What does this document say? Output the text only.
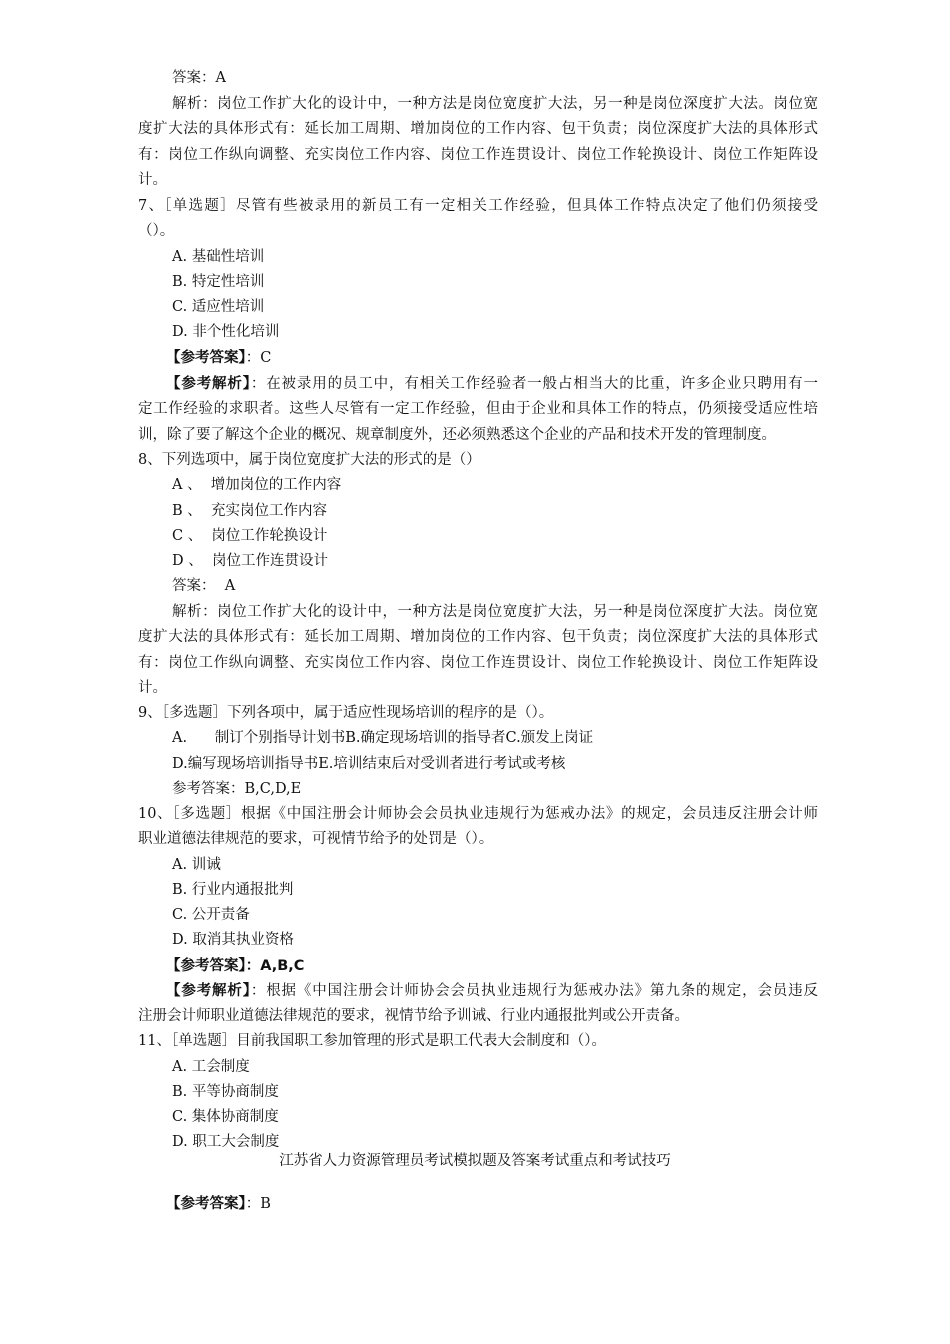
答案：A
解析：岗位工作扩大化的设计中，一种方法是岗位宽度扩大法，另一种是岗位深度扩大法。岗位宽
度扩大法的具体形式有：延长加工周期、增加岗位的工作内容、包干负责；岗位深度扩大法的具体形式
有：岗位工作纵向调整、充实岗位工作内容、岗位工作连贯设计、岗位工作轮换设计、岗位工作矩阵设
计。
7、［单选题］尽管有些被录用的新员工有一定相关工作经验，但具体工作特点决定了他们仍须接受
（）。
A. 基础性培训
B. 特定性培训
C. 适应性培训
D. 非个性化培训
【参考答案】：C
【参考解析】：在被录用的员工中，有相关工作经验者一般占相当大的比重，许多企业只聘用有一
定工作经验的求职者。这些人尽管有一定工作经验，但由于企业和具体工作的特点，仍须接受适应性培
训，除了要了解这个企业的概况、规章制度外，还必须熟悉这个企业的产品和技术开发的管理制度。
8、下列选项中，属于岗位宽度扩大法的形式的是（）
A 、  增加岗位的工作内容
B 、  充实岗位工作内容
C 、  岗位工作轮换设计
D 、  岗位工作连贯设计
答案：  A
解析：岗位工作扩大化的设计中，一种方法是岗位宽度扩大法，另一种是岗位深度扩大法。岗位宽
度扩大法的具体形式有：延长加工周期、增加岗位的工作内容、包干负责；岗位深度扩大法的具体形式
有：岗位工作纵向调整、充实岗位工作内容、岗位工作连贯设计、岗位工作轮换设计、岗位工作矩阵设
计。
9、［多选题］下列各项中，属于适应性现场培训的程序的是（）。
A.      制订个别指导计划书B.确定现场培训的指导者C.颁发上岗证
D.编写现场培训指导书E.培训结束后对受训者进行考试或考核
参考答案：B,C,D,E
10、［多选题］根据《中国注册会计师协会会员执业违规行为惩戒办法》的规定，会员违反注册会计师
职业道德法律规范的要求，可视情节给予的处罚是（）。
A. 训诫
B. 行业内通报批判
C. 公开责备
D. 取消其执业资格
【参考答案】：A,B,C
【参考解析】：根据《中国注册会计师协会会员执业违规行为惩戒办法》第九条的规定，会员违反
注册会计师职业道德法律规范的要求，视情节给予训诫、行业内通报批判或公开责备。
11、［单选题］目前我国职工参加管理的形式是职工代表大会制度和（）。
A. 工会制度
B. 平等协商制度
C. 集体协商制度
D. 职工大会制度
江苏省人力资源管理员考试模拟题及答案考试重点和考试技巧
【参考答案】：B
